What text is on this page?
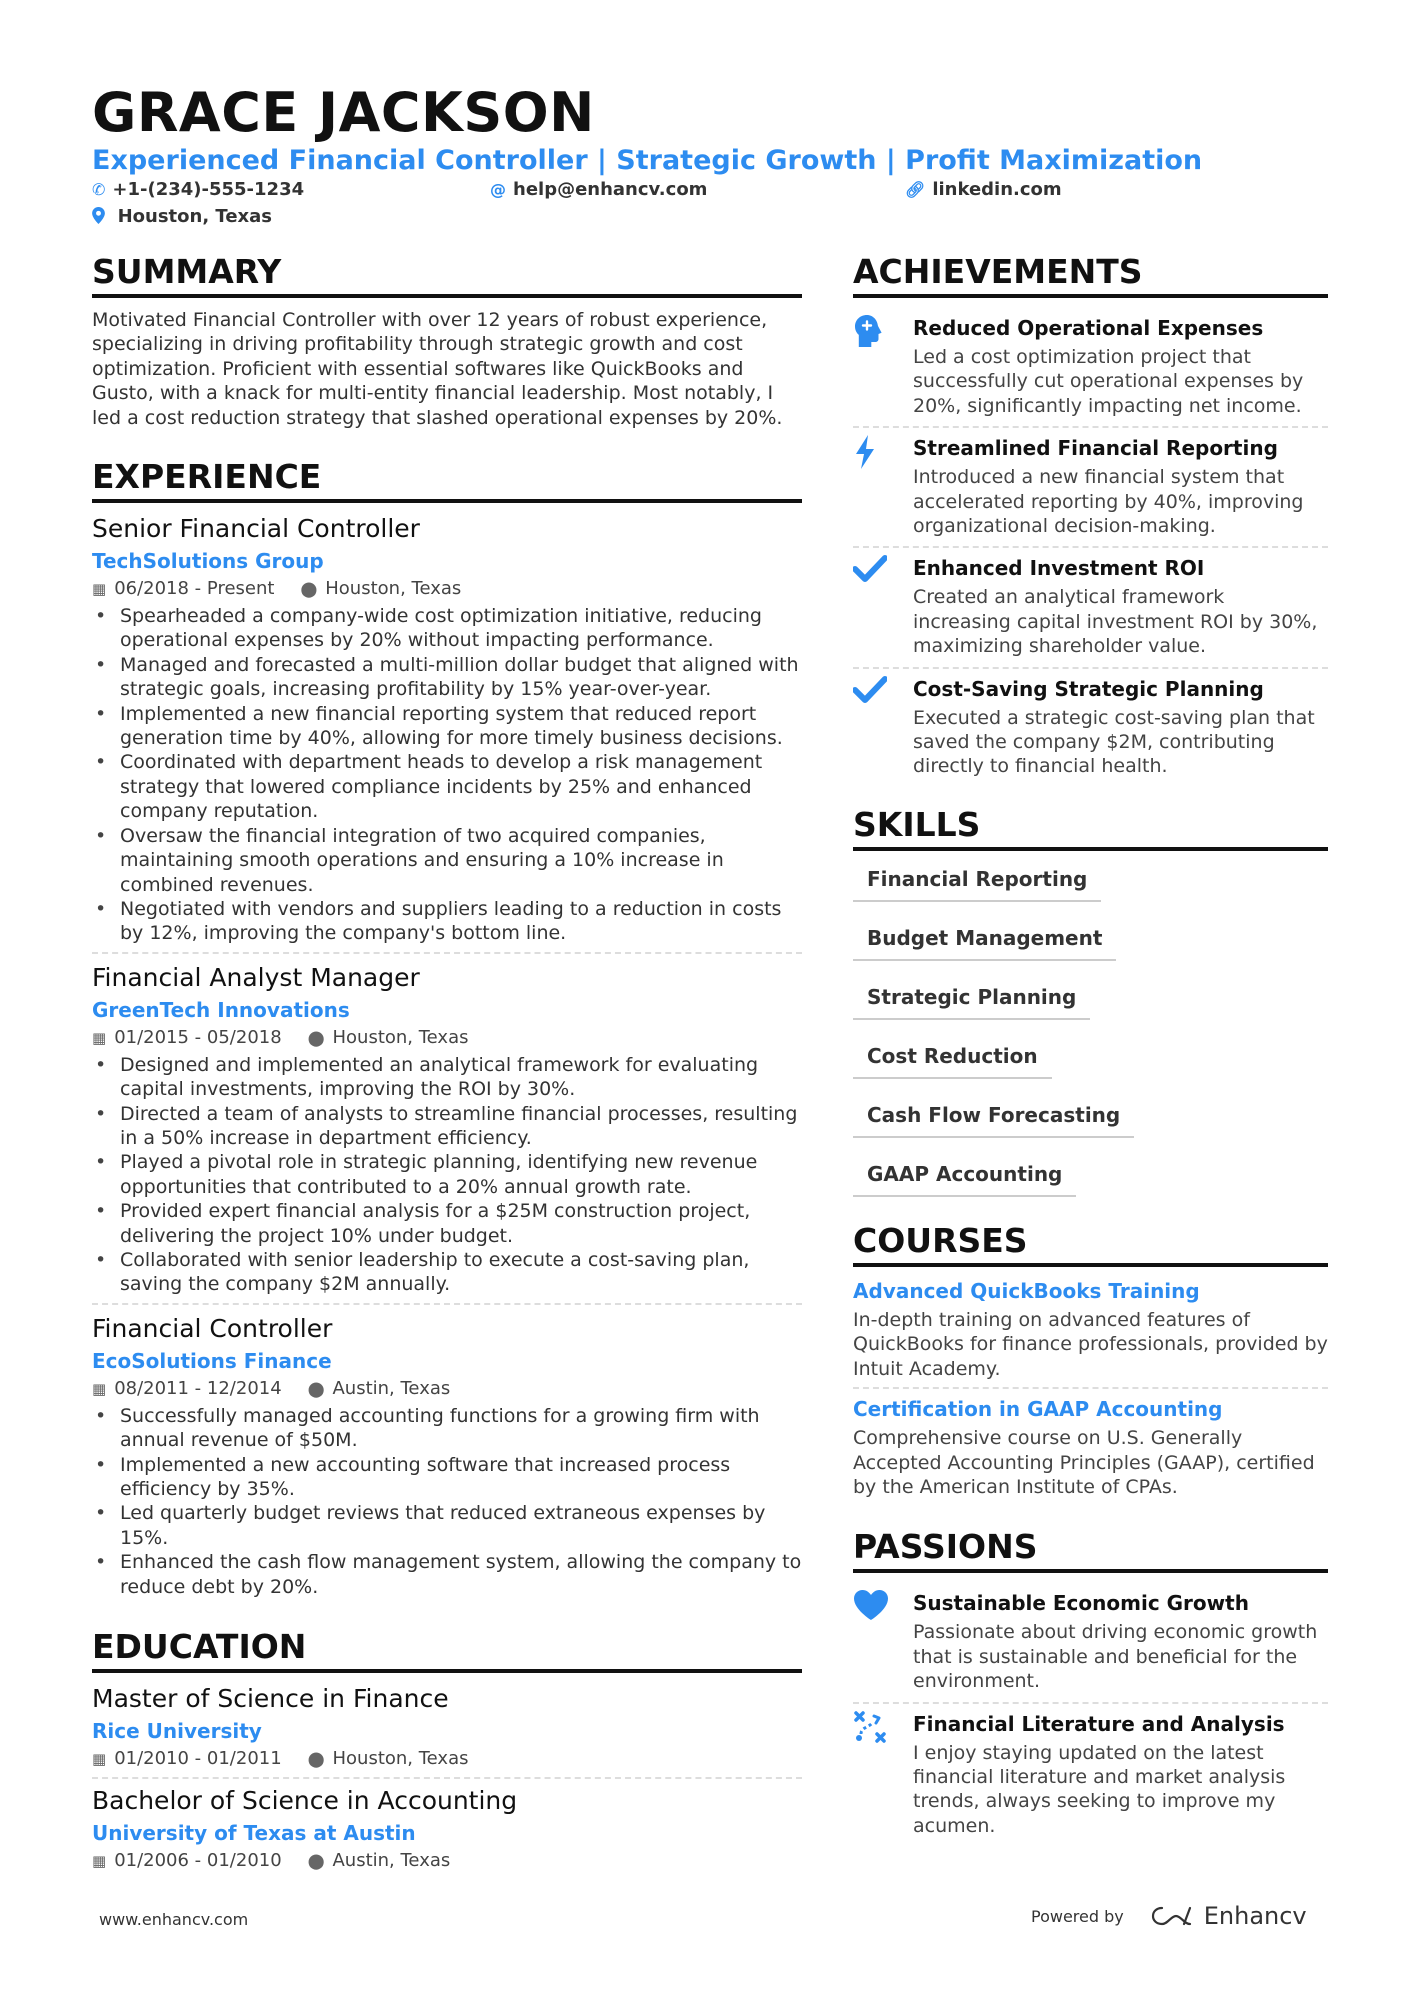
GRACE JACKSON
Experienced Financial Controller | Strategic Growth | Profit Maximization
✆ +1-(234)-555-1234	@ help@enhancv.com	🔗︎ linkedin.com
Houston, Texas
SUMMARY
Motivated Financial Controller with over 12 years of robust experience, specializing in driving profitability through strategic growth and cost optimization. Proficient with essential softwares like QuickBooks and Gusto, with a knack for multi-entity financial leadership. Most notably, I led a cost reduction strategy that slashed operational expenses by 20%.
EXPERIENCE
Senior Financial Controller
TechSolutions Group
▦ 06/2018 - Present ⬤ Houston, Texas
• Spearheaded a company-wide cost optimization initiative, reducing operational expenses by 20% without impacting performance.
• Managed and forecasted a multi-million dollar budget that aligned with strategic goals, increasing profitability by 15% year-over-year.
• Implemented a new financial reporting system that reduced report generation time by 40%, allowing for more timely business decisions.
• Coordinated with department heads to develop a risk management strategy that lowered compliance incidents by 25% and enhanced company reputation.
• Oversaw the financial integration of two acquired companies, maintaining smooth operations and ensuring a 10% increase in combined revenues.
• Negotiated with vendors and suppliers leading to a reduction in costs by 12%, improving the company's bottom line.
Financial Analyst Manager
GreenTech Innovations
▦ 01/2015 - 05/2018 ⬤ Houston, Texas
• Designed and implemented an analytical framework for evaluating capital investments, improving the ROI by 30%.
• Directed a team of analysts to streamline financial processes, resulting in a 50% increase in department efficiency.
• Played a pivotal role in strategic planning, identifying new revenue opportunities that contributed to a 20% annual growth rate.
• Provided expert financial analysis for a $25M construction project, delivering the project 10% under budget.
• Collaborated with senior leadership to execute a cost-saving plan, saving the company $2M annually.
Financial Controller
EcoSolutions Finance
▦ 08/2011 - 12/2014 ⬤ Austin, Texas
• Successfully managed accounting functions for a growing firm with annual revenue of $50M.
• Implemented a new accounting software that increased process efficiency by 35%.
• Led quarterly budget reviews that reduced extraneous expenses by 15%.
• Enhanced the cash flow management system, allowing the company to reduce debt by 20%.
EDUCATION
Master of Science in Finance
Rice University
▦ 01/2010 - 01/2011 ⬤ Houston, Texas
Bachelor of Science in Accounting
University of Texas at Austin
▦ 01/2006 - 01/2010 ⬤ Austin, Texas
ACHIEVEMENTS
Reduced Operational Expenses
Led a cost optimization project that successfully cut operational expenses by 20%, significantly impacting net income.
Streamlined Financial Reporting
Introduced a new financial system that accelerated reporting by 40%, improving organizational decision-making.
Enhanced Investment ROI
Created an analytical framework increasing capital investment ROI by 30%, maximizing shareholder value.
Cost-Saving Strategic Planning
Executed a strategic cost-saving plan that saved the company $2M, contributing directly to financial health.
SKILLS
Financial Reporting
Budget Management
Strategic Planning
Cost Reduction
Cash Flow Forecasting
GAAP Accounting
COURSES
Advanced QuickBooks Training
In-depth training on advanced features of QuickBooks for finance professionals, provided by Intuit Academy.
Certification in GAAP Accounting
Comprehensive course on U.S. Generally Accepted Accounting Principles (GAAP), certified by the American Institute of CPAs.
PASSIONS
Sustainable Economic Growth
Passionate about driving economic growth that is sustainable and beneficial for the environment.
Financial Literature and Analysis
I enjoy staying updated on the latest financial literature and market analysis trends, always seeking to improve my acumen.
www.enhancv.com	Powered by	Enhancv
